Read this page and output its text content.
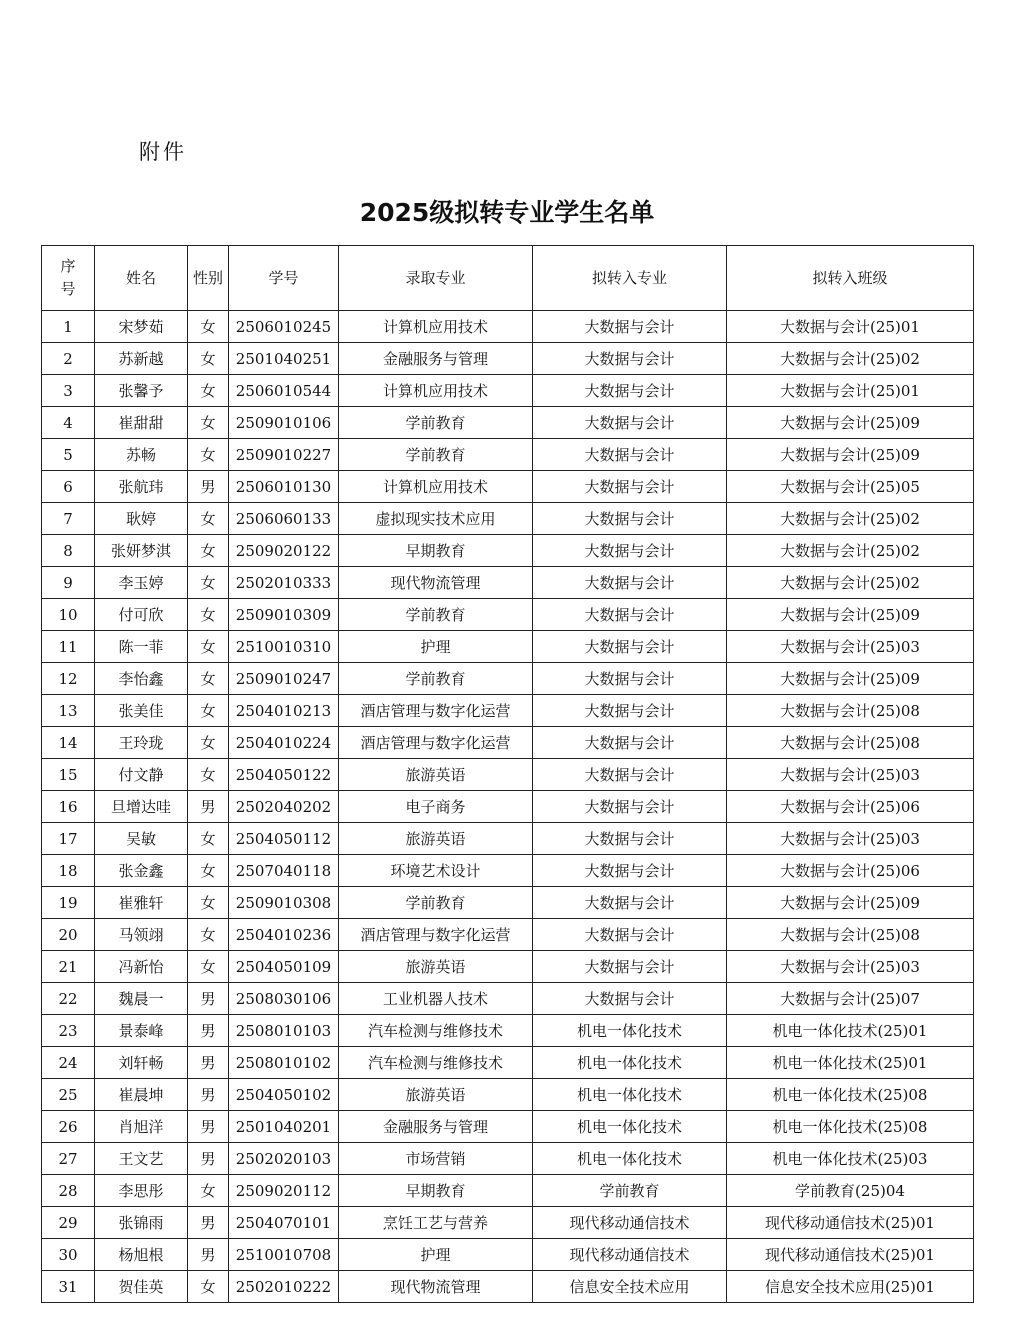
附件
2025级拟转专业学生名单
序号	姓名	性别	学号	录取专业	拟转入专业	拟转入班级
1	宋梦茹	女	2506010245	计算机应用技术	大数据与会计	大数据与会计(25)01
2	苏新越	女	2501040251	金融服务与管理	大数据与会计	大数据与会计(25)02
3	张馨予	女	2506010544	计算机应用技术	大数据与会计	大数据与会计(25)01
4	崔甜甜	女	2509010106	学前教育	大数据与会计	大数据与会计(25)09
5	苏畅	女	2509010227	学前教育	大数据与会计	大数据与会计(25)09
6	张航玮	男	2506010130	计算机应用技术	大数据与会计	大数据与会计(25)05
7	耿婷	女	2506060133	虚拟现实技术应用	大数据与会计	大数据与会计(25)02
8	张妍梦淇	女	2509020122	早期教育	大数据与会计	大数据与会计(25)02
9	李玉婷	女	2502010333	现代物流管理	大数据与会计	大数据与会计(25)02
10	付可欣	女	2509010309	学前教育	大数据与会计	大数据与会计(25)09
11	陈一菲	女	2510010310	护理	大数据与会计	大数据与会计(25)03
12	李怡鑫	女	2509010247	学前教育	大数据与会计	大数据与会计(25)09
13	张美佳	女	2504010213	酒店管理与数字化运营	大数据与会计	大数据与会计(25)08
14	王玲珑	女	2504010224	酒店管理与数字化运营	大数据与会计	大数据与会计(25)08
15	付文静	女	2504050122	旅游英语	大数据与会计	大数据与会计(25)03
16	旦增达哇	男	2502040202	电子商务	大数据与会计	大数据与会计(25)06
17	吴敏	女	2504050112	旅游英语	大数据与会计	大数据与会计(25)03
18	张金鑫	女	2507040118	环境艺术设计	大数据与会计	大数据与会计(25)06
19	崔雅轩	女	2509010308	学前教育	大数据与会计	大数据与会计(25)09
20	马领翊	女	2504010236	酒店管理与数字化运营	大数据与会计	大数据与会计(25)08
21	冯新怡	女	2504050109	旅游英语	大数据与会计	大数据与会计(25)03
22	魏晨一	男	2508030106	工业机器人技术	大数据与会计	大数据与会计(25)07
23	景泰峰	男	2508010103	汽车检测与维修技术	机电一体化技术	机电一体化技术(25)01
24	刘轩畅	男	2508010102	汽车检测与维修技术	机电一体化技术	机电一体化技术(25)01
25	崔晨坤	男	2504050102	旅游英语	机电一体化技术	机电一体化技术(25)08
26	肖旭洋	男	2501040201	金融服务与管理	机电一体化技术	机电一体化技术(25)08
27	王文艺	男	2502020103	市场营销	机电一体化技术	机电一体化技术(25)03
28	李思彤	女	2509020112	早期教育	学前教育	学前教育(25)04
29	张锦雨	男	2504070101	烹饪工艺与营养	现代移动通信技术	现代移动通信技术(25)01
30	杨旭根	男	2510010708	护理	现代移动通信技术	现代移动通信技术(25)01
31	贺佳英	女	2502010222	现代物流管理	信息安全技术应用	信息安全技术应用(25)01
